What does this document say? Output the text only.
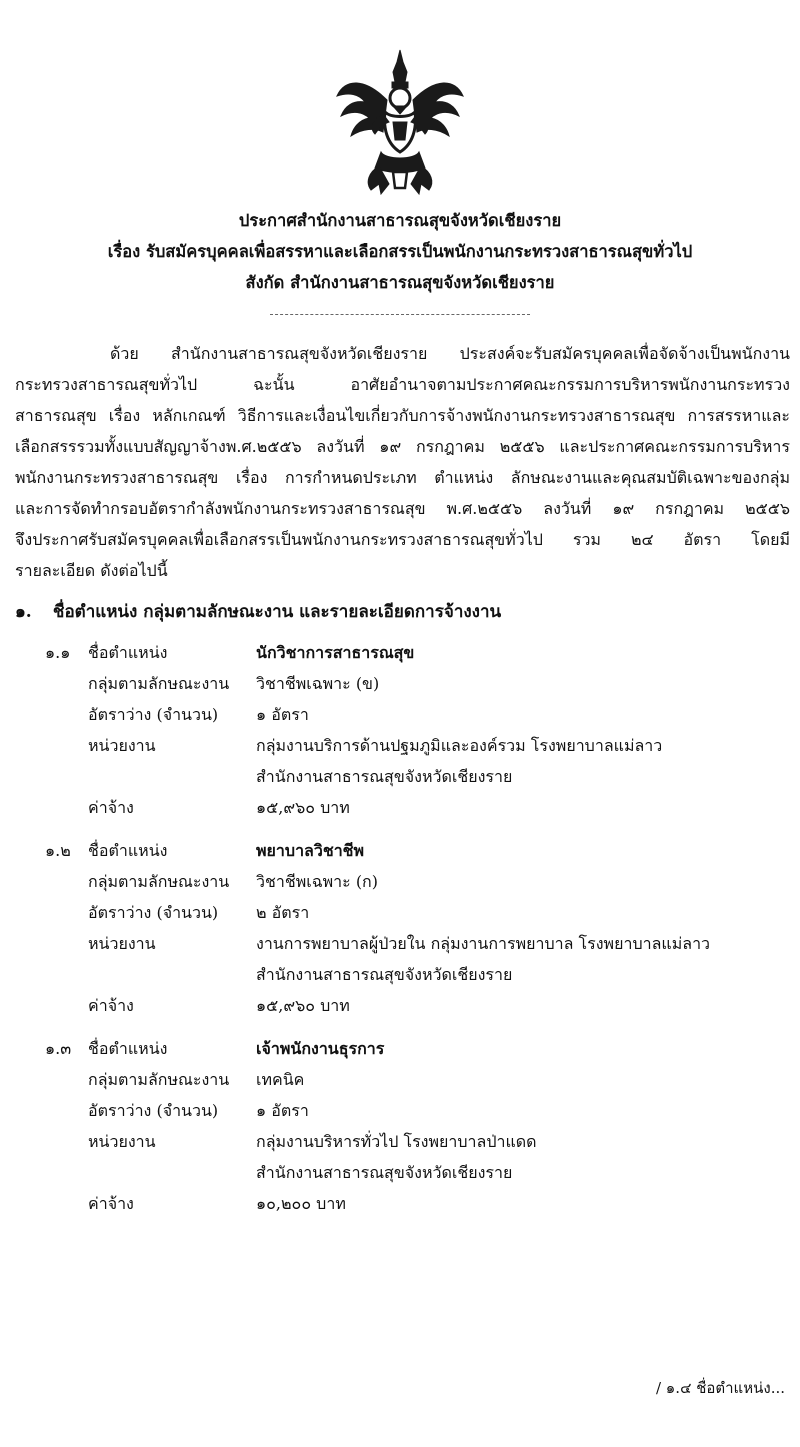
ประกาศสำนักงานสาธารณสุขจังหวัดเชียงราย
เรื่อง รับสมัครบุคคลเพื่อสรรหาและเลือกสรรเป็นพนักงานกระทรวงสาธารณสุขทั่วไป
สังกัด สำนักงานสาธารณสุขจังหวัดเชียงราย
ด้วย สำนักงานสาธารณสุขจังหวัดเชียงราย ประสงค์จะรับสมัครบุคคลเพื่อจัดจ้างเป็นพนักงาน
กระทรวงสาธารณสุขทั่วไป ฉะนั้น อาศัยอำนาจตามประกาศคณะกรรมการบริหารพนักงานกระทรวง
สาธารณสุข เรื่อง หลักเกณฑ์ วิธีการและเงื่อนไขเกี่ยวกับการจ้างพนักงานกระทรวงสาธารณสุข การสรรหาและ
เลือกสรรรวมทั้งแบบสัญญาจ้างพ.ศ.๒๕๕๖ ลงวันที่ ๑๙ กรกฎาคม ๒๕๕๖ และประกาศคณะกรรมการบริหาร
พนักงานกระทรวงสาธารณสุข เรื่อง การกำหนดประเภท ตำแหน่ง ลักษณะงานและคุณสมบัติเฉพาะของกลุ่ม
และการจัดทำกรอบอัตรากำลังพนักงานกระทรวงสาธารณสุข พ.ศ.๒๕๕๖ ลงวันที่ ๑๙ กรกฎาคม ๒๕๕๖
จึงประกาศรับสมัครบุคคลเพื่อเลือกสรรเป็นพนักงานกระทรวงสาธารณสุขทั่วไป รวม ๒๔ อัตรา โดยมี
รายละเอียด ดังต่อไปนี้
๑. ชื่อตำแหน่ง กลุ่มตามลักษณะงาน และรายละเอียดการจ้างงาน
๑.๑ ชื่อตำแหน่ง	นักวิชาการสาธารณสุข
กลุ่มตามลักษณะงาน วิชาชีพเฉพาะ (ข)
อัตราว่าง (จำนวน) ๑ อัตรา
หน่วยงาน	กลุ่มงานบริการด้านปฐมภูมิและองค์รวม โรงพยาบาลแม่ลาว
สำนักงานสาธารณสุขจังหวัดเชียงราย
ค่าจ้าง	๑๕,๙๖๐ บาท
๑.๒ ชื่อตำแหน่ง	พยาบาลวิชาชีพ
กลุ่มตามลักษณะงาน วิชาชีพเฉพาะ (ก)
อัตราว่าง (จำนวน) ๒ อัตรา
หน่วยงาน	งานการพยาบาลผู้ป่วยใน กลุ่มงานการพยาบาล โรงพยาบาลแม่ลาว
สำนักงานสาธารณสุขจังหวัดเชียงราย
ค่าจ้าง	๑๕,๙๖๐ บาท
๑.๓ ชื่อตำแหน่ง	เจ้าพนักงานธุรการ
กลุ่มตามลักษณะงาน เทคนิค
อัตราว่าง (จำนวน) ๑ อัตรา
หน่วยงาน	กลุ่มงานบริหารทั่วไป โรงพยาบาลป่าแดด
สำนักงานสาธารณสุขจังหวัดเชียงราย
ค่าจ้าง	๑๐,๒๐๐ บาท
/ ๑.๔ ชื่อตำแหน่ง...
